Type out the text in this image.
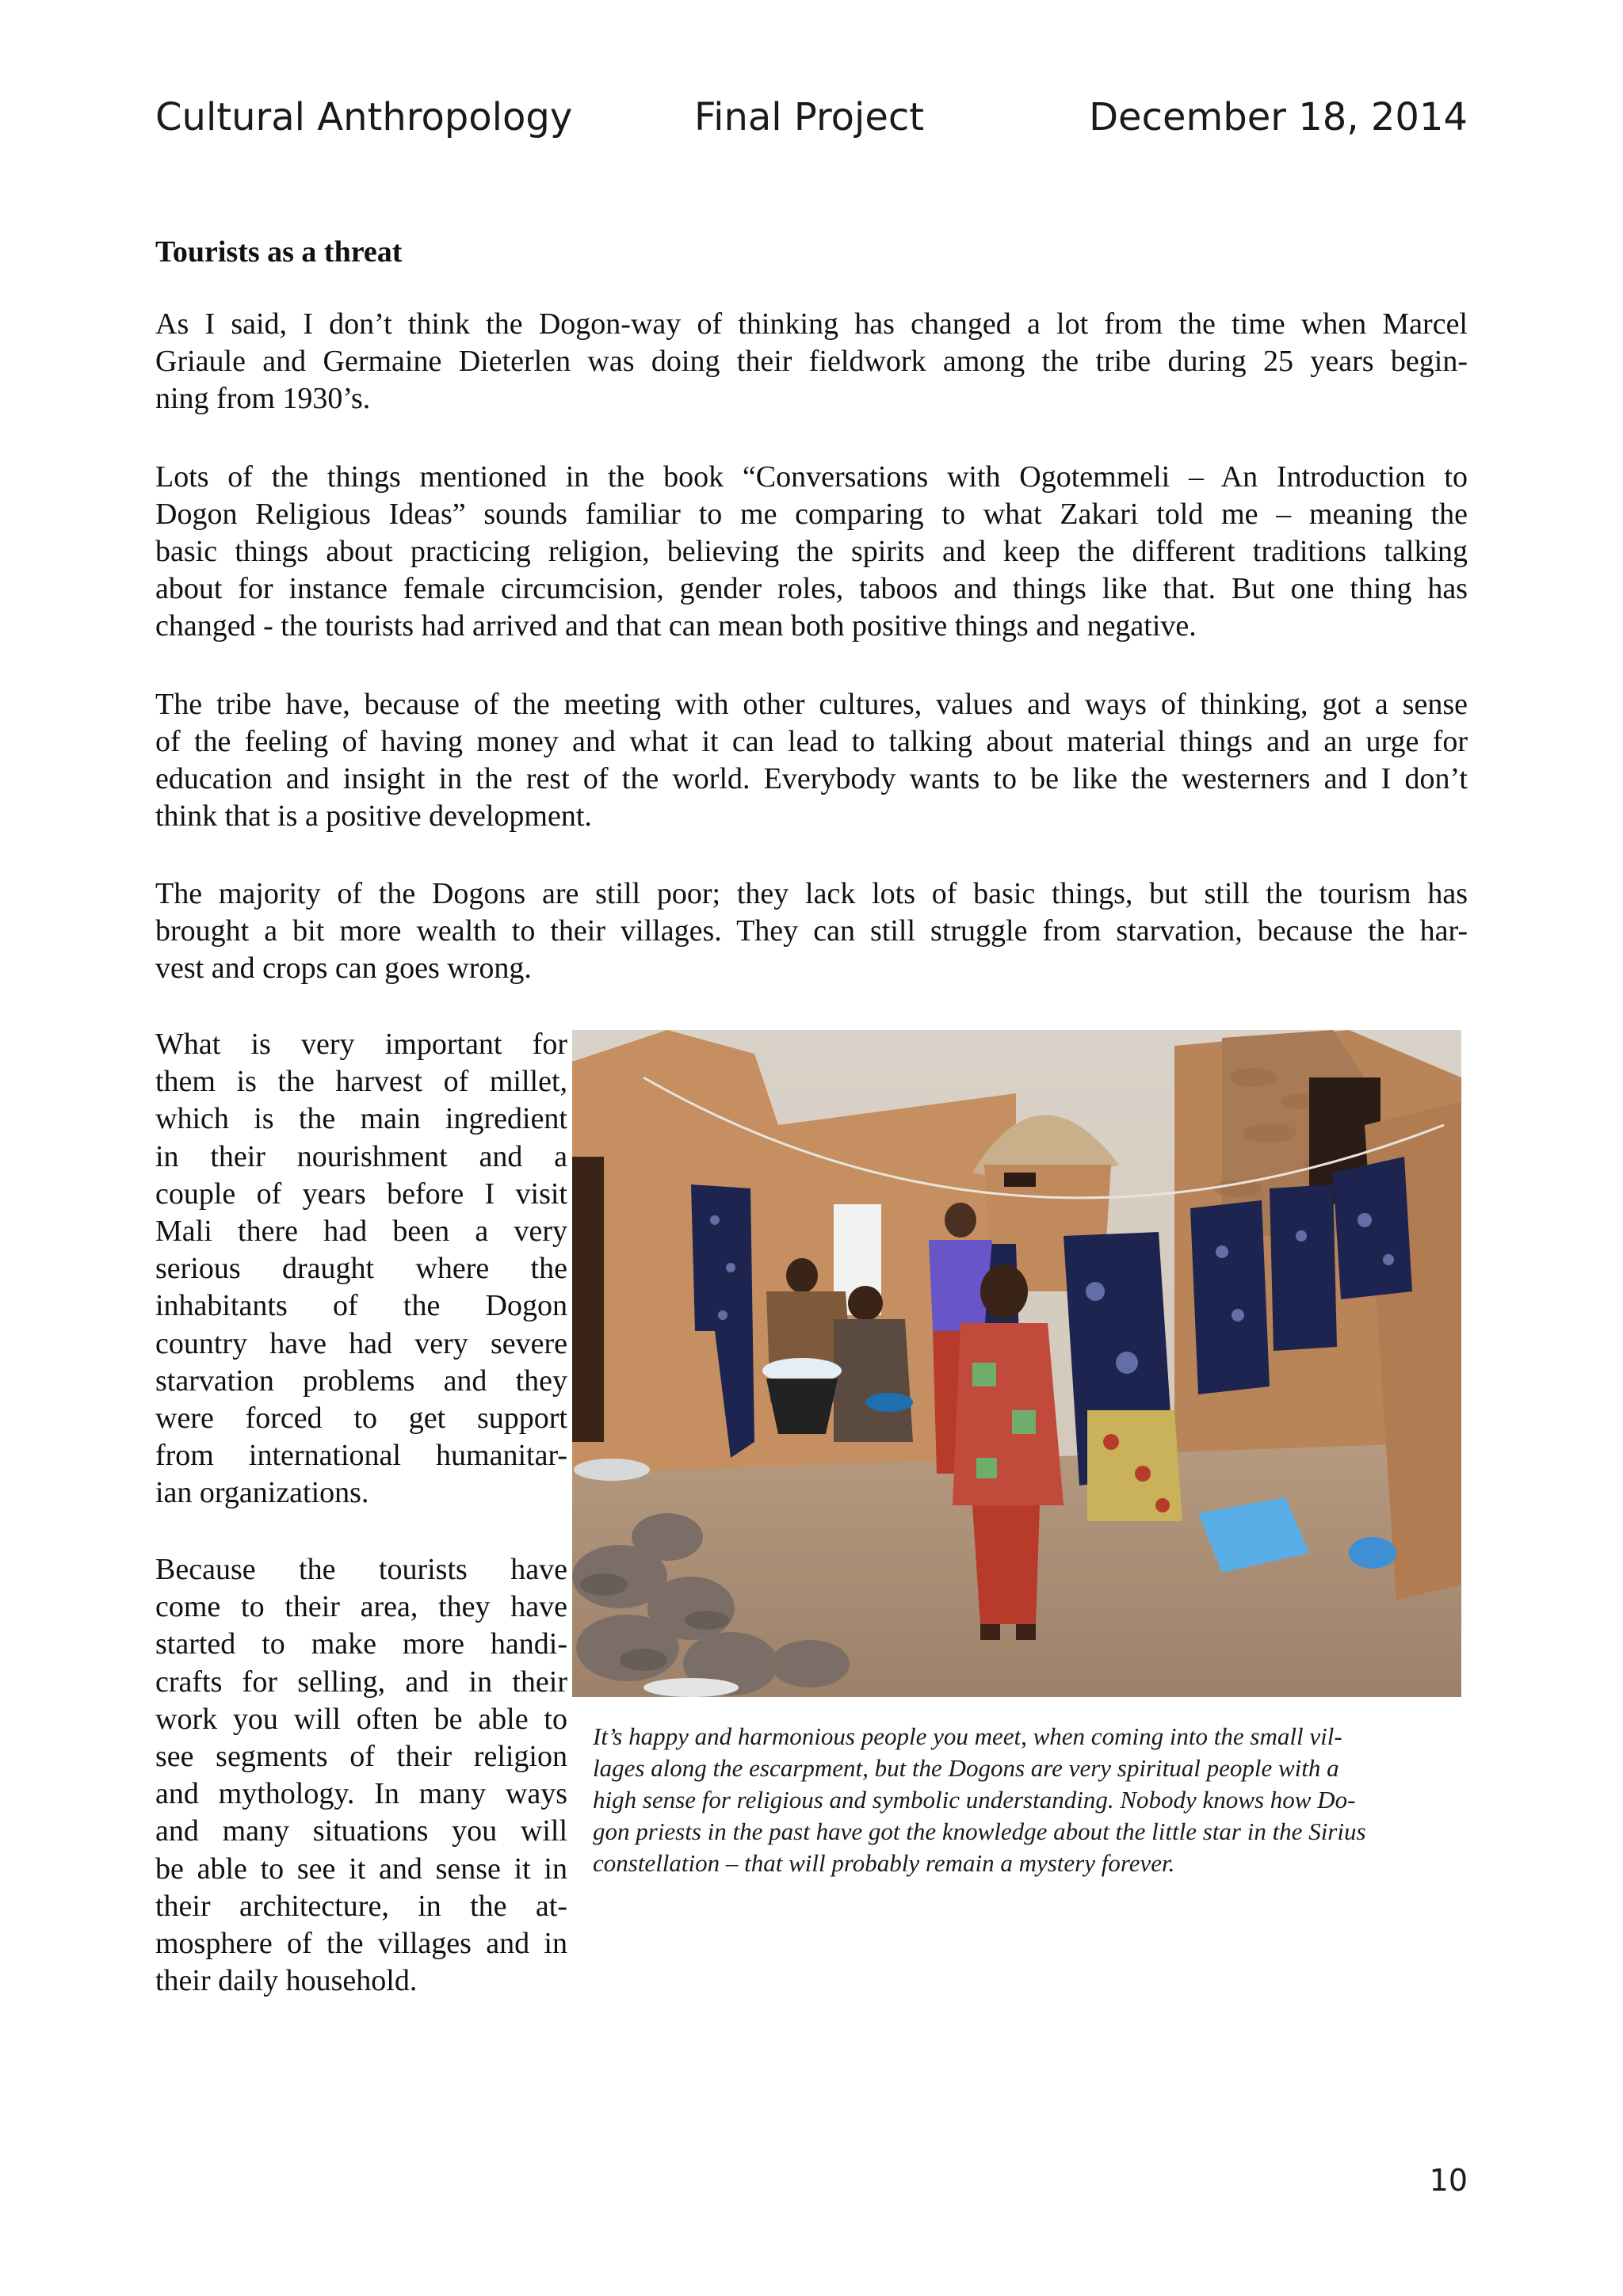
Cultural Anthropology	Final Project	December 18, 2014
Tourists as a threat
As I said, I don’t think the Dogon-way of thinking has changed a lot from the time when Marcel
Griaule and Germaine Dieterlen was doing their fieldwork among the tribe during 25 years begin-
ning from 1930’s.
Lots of the things mentioned in the book “Conversations with Ogotemmeli – An Introduction to
Dogon Religious Ideas” sounds familiar to me comparing to what Zakari told me – meaning the
basic things about practicing religion, believing the spirits and keep the different traditions talking
about for instance female circumcision, gender roles, taboos and things like that. But one thing has
changed - the tourists had arrived and that can mean both positive things and negative.
The tribe have, because of the meeting with other cultures, values and ways of thinking, got a sense
of the feeling of having money and what it can lead to talking about material things and an urge for
education and insight in the rest of the world. Everybody wants to be like the westerners and I don’t
think that is a positive development.
The majority of the Dogons are still poor; they lack lots of basic things, but still the tourism has
brought a bit more wealth to their villages. They can still struggle from starvation, because the har-
vest and crops can goes wrong.
What is very important for
them is the harvest of millet,
which is the main ingredient
in their nourishment and a
couple of years before I visit
Mali there had been a very
serious draught where the
inhabitants of the Dogon
country have had very severe
starvation problems and they
were forced to get support
from international humanitar-
ian organizations.
Because the tourists have
come to their area, they have
started to make more handi-
crafts for selling, and in their
work you will often be able to
see segments of their religion
and mythology. In many ways
and many situations you will
be able to see it and sense it in
their architecture, in the at-
mosphere of the villages and in
their daily household.
It’s happy and harmonious people you meet, when coming into the small vil-
lages along the escarpment, but the Dogons are very spiritual people with a
high sense for religious and symbolic understanding. Nobody knows how Do-
gon priests in the past have got the knowledge about the little star in the Sirius
constellation – that will probably remain a mystery forever.
10
